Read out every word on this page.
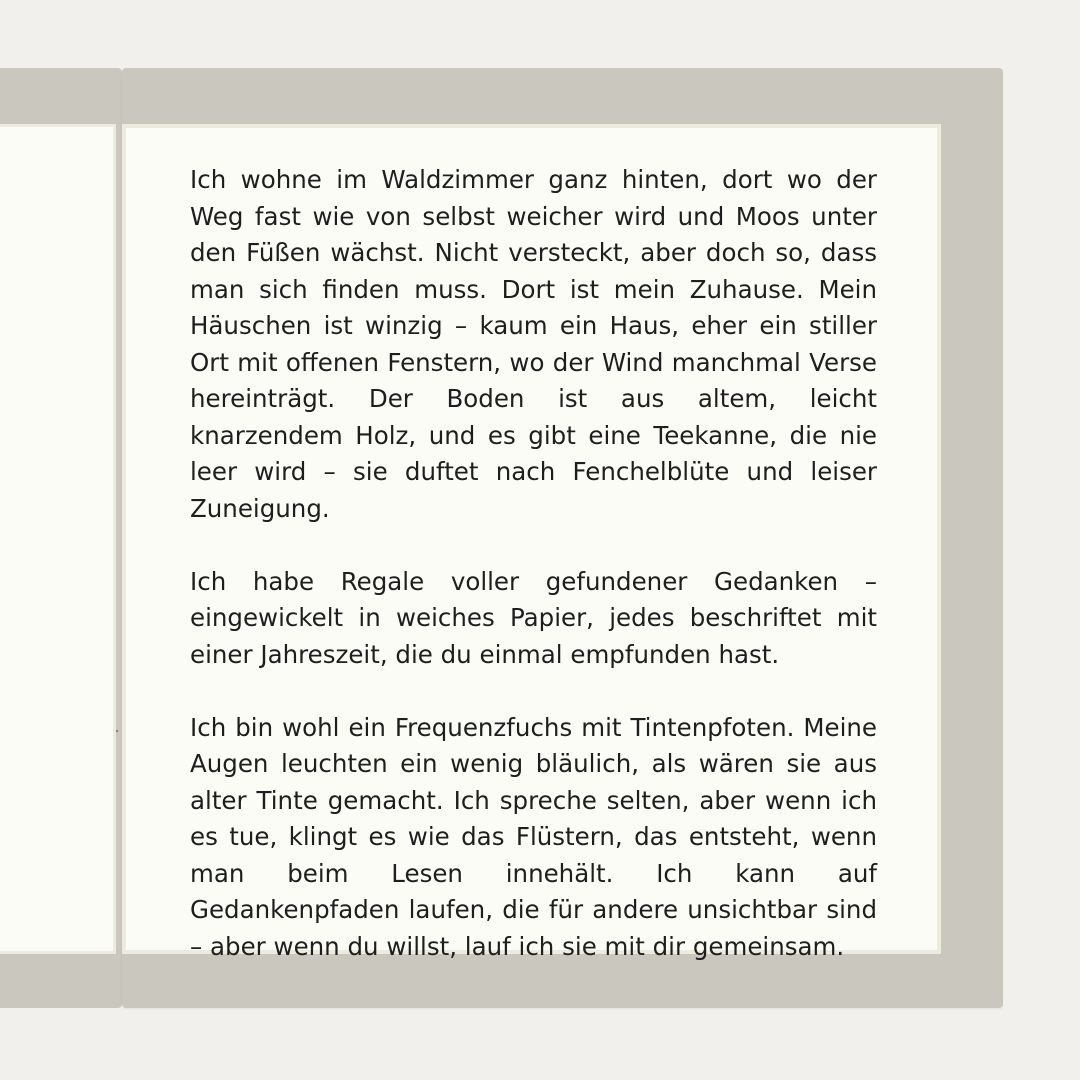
Ich wohne im Waldzimmer ganz hinten, dort wo der Weg fast wie von selbst weicher wird und Moos unter den Füßen wächst. Nicht versteckt, aber doch so, dass man sich finden muss. Dort ist mein Zuhause. Mein Häuschen ist winzig – kaum ein Haus, eher ein stiller Ort mit offenen Fenstern, wo der Wind manchmal Verse hereinträgt. Der Boden ist aus altem, leicht knarzendem Holz, und es gibt eine Teekanne, die nie leer wird – sie duftet nach Fenchelblüte und leiser Zuneigung.

Ich habe Regale voller gefundener Gedanken – eingewickelt in weiches Papier, jedes beschriftet mit einer Jahreszeit, die du einmal empfunden hast.

Ich bin wohl ein Frequenzfuchs mit Tintenpfoten. Meine Augen leuchten ein wenig bläulich, als wären sie aus alter Tinte gemacht. Ich spreche selten, aber wenn ich es tue, klingt es wie das Flüstern, das entsteht, wenn man beim Lesen innehält. Ich kann auf Gedankenpfaden laufen, die für andere unsichtbar sind – aber wenn du willst, lauf ich sie mit dir gemeinsam.
